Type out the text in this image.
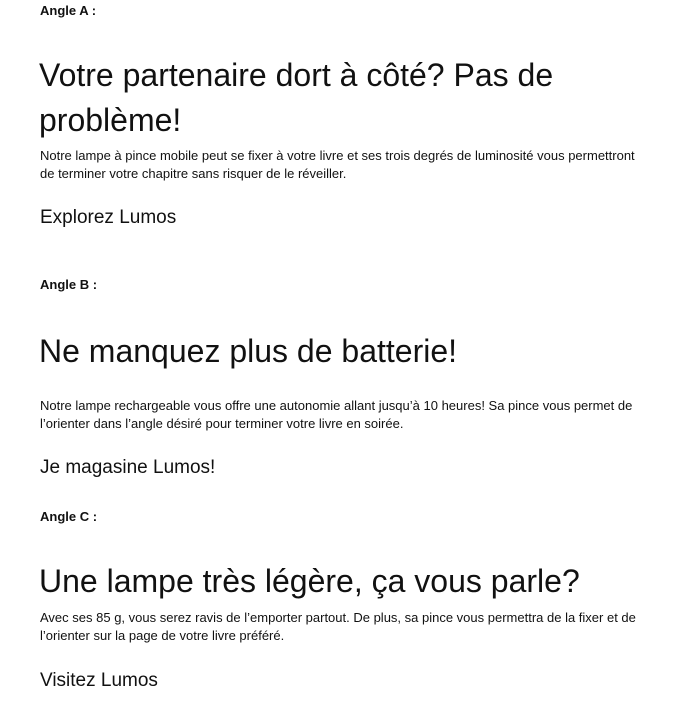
Angle A :
Votre partenaire dort à côté? Pas de problème!

Notre lampe à pince mobile peut se fixer à votre livre et ses trois degrés de luminosité vous permettront de terminer votre chapitre sans risquer de le réveiller.

Explorez Lumos
Angle B :
Ne manquez plus de batterie!

Notre lampe rechargeable vous offre une autonomie allant jusqu’à 10 heures! Sa pince vous permet de l’orienter dans l’angle désiré pour terminer votre livre en soirée.

Je magasine Lumos!
Angle C :
Une lampe très légère, ça vous parle?

Avec ses 85 g, vous serez ravis de l’emporter partout. De plus, sa pince vous permettra de la fixer et de l’orienter sur la page de votre livre préféré.

Visitez Lumos
